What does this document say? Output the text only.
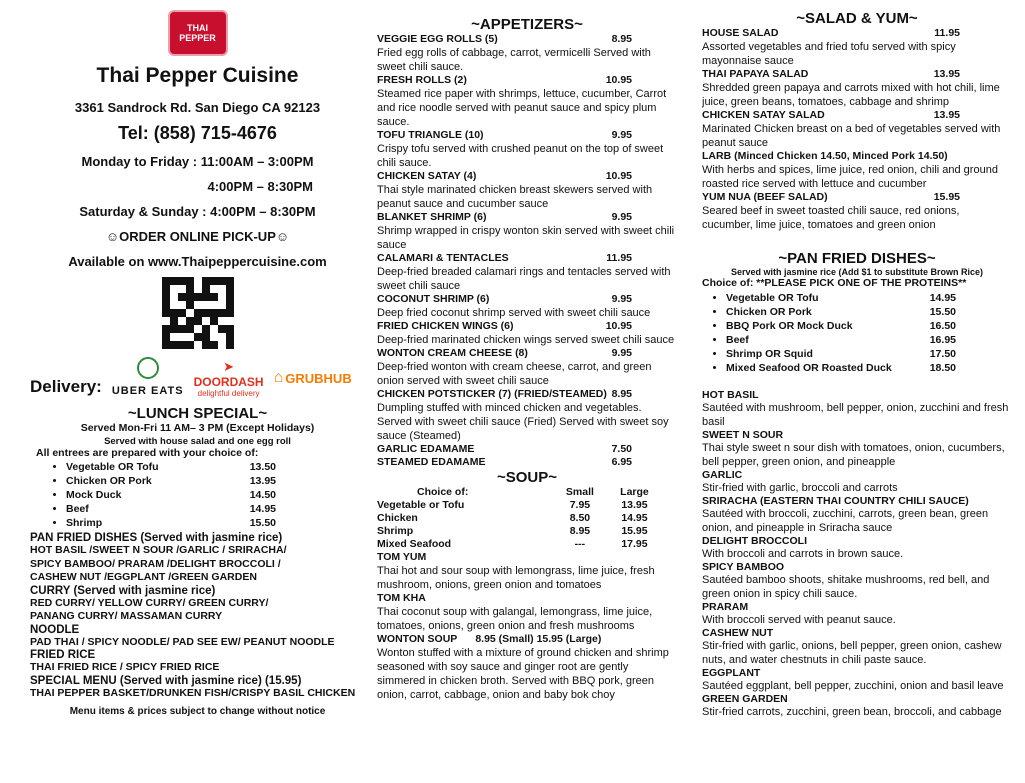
THAI PEPPER
Thai Pepper Cuisine
3361 Sandrock Rd. San Diego CA 92123
Tel: (858) 715-4676
Monday to Friday : 11:00AM – 3:00PM
4:00PM – 8:30PM
Saturday & Sunday : 4:00PM – 8:30PM
☺ORDER ONLINE PICK-UP☺
Available on www.Thaipeppercuisine.com
Delivery: UBER EATS
➤
DOORDASH
delightful delivery
⌂ GRUBHUB
~LUNCH SPECIAL~
Served Mon-Fri 11 AM– 3 PM (Except Holidays)
Served with house salad and one egg roll
All entrees are prepared with your choice of:
• Vegetable OR Tofu	13.50
• Chicken OR Pork	13.95
• Mock Duck	14.50
• Beef	14.95
• Shrimp	15.50
PAN FRIED DISHES (Served with jasmine rice)
HOT BASIL /SWEET N SOUR /GARLIC / SRIRACHA/
SPICY BAMBOO/ PRARAM /DELIGHT BROCCOLI /
CASHEW NUT /EGGPLANT /GREEN GARDEN
CURRY (Served with jasmine rice)
RED CURRY/ YELLOW CURRY/ GREEN CURRY/
PANANG CURRY/ MASSAMAN CURRY
NOODLE
PAD THAI / SPICY NOODLE/ PAD SEE EW/ PEANUT NOODLE
FRIED RICE
THAI FRIED RICE / SPICY FRIED RICE
SPECIAL MENU (Served with jasmine rice) (15.95)
THAI PEPPER BASKET/DRUNKEN FISH/CRISPY BASIL CHICKEN
Menu items & prices subject to change without notice
~APPETIZERS~
VEGGIE EGG ROLLS (5)	8.95
Fried egg rolls of cabbage, carrot, vermicelli Served with sweet chili sauce.
FRESH ROLLS (2)	10.95
Steamed rice paper with shrimps, lettuce, cucumber, Carrot and rice noodle served with peanut sauce and spicy plum sauce.
TOFU TRIANGLE (10)	9.95
Crispy tofu served with crushed peanut on the top of sweet chili sauce.
CHICKEN SATAY (4)	10.95
Thai style marinated chicken breast skewers served with peanut sauce and cucumber sauce
BLANKET SHRIMP (6)	9.95
Shrimp wrapped in crispy wonton skin served with sweet chili sauce
CALAMARI & TENTACLES	11.95
Deep-fried breaded calamari rings and tentacles served with sweet chili sauce
COCONUT SHRIMP (6)	9.95
Deep fried coconut shrimp served with sweet chili sauce
FRIED CHICKEN WINGS (6)	10.95
Deep-fried marinated chicken wings served sweet chili sauce
WONTON CREAM CHEESE (8)	9.95
Deep-fried wonton with cream cheese, carrot, and green onion served with sweet chili sauce
CHICKEN POTSTICKER (7) (FRIED/STEAMED) 8.95
Dumpling stuffed with minced chicken and vegetables. Served with sweet chili sauce (Fried) Served with sweet soy sauce (Steamed)
GARLIC EDAMAME	7.50
STEAMED EDAMAME	6.95
~SOUP~
Choice of:	Small	Large
Vegetable or Tofu	7.95	13.95
Chicken	8.50	14.95
Shrimp	8.95	15.95
Mixed Seafood	---	17.95
TOM YUM
Thai hot and sour soup with lemongrass, lime juice, fresh mushroom, onions, green onion and tomatoes
TOM KHA
Thai coconut soup with galangal, lemongrass, lime juice, tomatoes, onions, green onion and fresh mushrooms
WONTON SOUP 8.95 (Small) 15.95 (Large)
Wonton stuffed with a mixture of ground chicken and shrimp seasoned with soy sauce and ginger root are gently simmered in chicken broth. Served with BBQ pork, green onion, carrot, cabbage, onion and baby bok choy
~SALAD & YUM~
HOUSE SALAD	11.95
Assorted vegetables and fried tofu served with spicy mayonnaise sauce
THAI PAPAYA SALAD	13.95
Shredded green papaya and carrots mixed with hot chili, lime juice, green beans, tomatoes, cabbage and shrimp
CHICKEN SATAY SALAD	13.95
Marinated Chicken breast on a bed of vegetables served with peanut sauce
LARB (Minced Chicken 14.50, Minced Pork 14.50)
With herbs and spices, lime juice, red onion, chili and ground roasted rice served with lettuce and cucumber
YUM NUA (BEEF SALAD)	15.95
Seared beef in sweet toasted chili sauce, red onions, cucumber, lime juice, tomatoes and green onion
~PAN FRIED DISHES~
Served with jasmine rice (Add $1 to substitute Brown Rice)
Choice of: **PLEASE PICK ONE OF THE PROTEINS**
• Vegetable OR Tofu	14.95
• Chicken OR Pork	15.50
• BBQ Pork OR Mock Duck	16.50
• Beef	16.95
• Shrimp OR Squid	17.50
• Mixed Seafood OR Roasted Duck	18.50
HOT BASIL
Sautéed with mushroom, bell pepper, onion, zucchini and fresh basil
SWEET N SOUR
Thai style sweet n sour dish with tomatoes, onion, cucumbers, bell pepper, green onion, and pineapple
GARLIC
Stir-fried with garlic, broccoli and carrots
SRIRACHA (EASTERN THAI COUNTRY CHILI SAUCE)
Sautéed with broccoli, zucchini, carrots, green bean, green onion, and pineapple in Sriracha sauce
DELIGHT BROCCOLI
With broccoli and carrots in brown sauce.
SPICY BAMBOO
Sautéed bamboo shoots, shitake mushrooms, red bell, and green onion in spicy chili sauce.
PRARAM
With broccoli served with peanut sauce.
CASHEW NUT
Stir-fried with garlic, onions, bell pepper, green onion, cashew nuts, and water chestnuts in chili paste sauce.
EGGPLANT
Sautéed eggplant, bell pepper, zucchini, onion and basil leave
GREEN GARDEN
Stir-fried carrots, zucchini, green bean, broccoli, and cabbage
